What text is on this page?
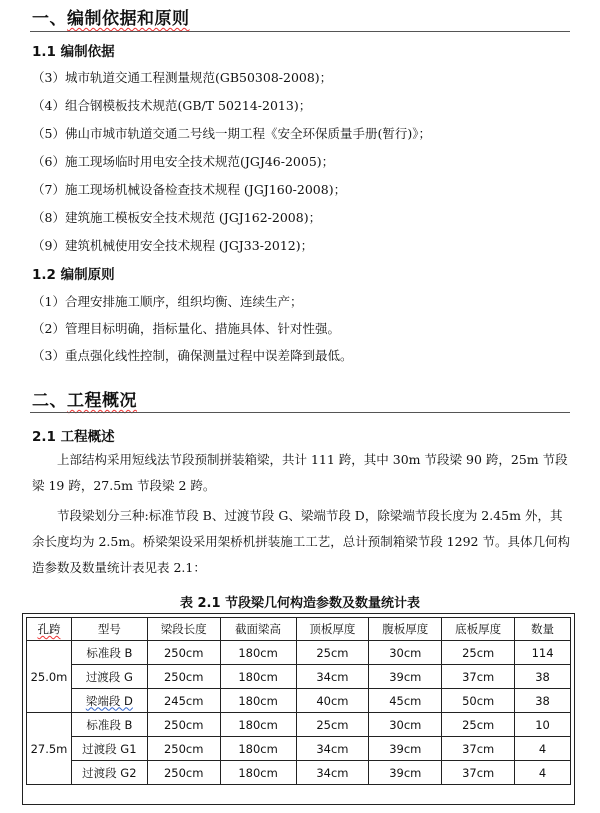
一、编制依据和原则
1.1 编制依据
（3）城市轨道交通工程测量规范(GB50308-2008)；
（4）组合钢模板技术规范(GB/T 50214-2013)；
（5）佛山市城市轨道交通二号线一期工程《安全环保质量手册(暂行)》；
（6）施工现场临时用电安全技术规范(JGJ46-2005)；
（7）施工现场机械设备检查技术规程 (JGJ160-2008)；
（8）建筑施工模板安全技术规范 (JGJ162-2008)；
（9）建筑机械使用安全技术规程 (JGJ33-2012)；
1.2 编制原则
（1）合理安排施工顺序，组织均衡、连续生产；
（2）管理目标明确，指标量化、措施具体、针对性强。
（3）重点强化线性控制，确保测量过程中误差降到最低。
二、工程概况
2.1 工程概述
上部结构采用短线法节段预制拼装箱梁，共计 111 跨，其中 30m 节段梁 90 跨，25m 节段梁 19 跨，27.5m 节段梁 2 跨。
节段梁划分三种:标准节段 B、过渡节段 G、梁端节段 D，除梁端节段长度为 2.45m 外，其余长度均为 2.5m。桥梁架设采用架桥机拼装施工工艺，总计预制箱梁节段 1292 节。具体几何构造参数及数量统计表见表 2.1：
表 2.1 节段梁几何构造参数及数量统计表
孔跨	型号	梁段长度	截面梁高	顶板厚度	腹板厚度	底板厚度	数量
25.0m	标准段 B	250cm	180cm	25cm	30cm	25cm	114
	过渡段 G	250cm	180cm	34cm	39cm	37cm	38
	梁端段 D	245cm	180cm	40cm	45cm	50cm	38
27.5m	标准段 B	250cm	180cm	25cm	30cm	25cm	10
	过渡段 G1	250cm	180cm	34cm	39cm	37cm	4
	过渡段 G2	250cm	180cm	34cm	39cm	37cm	4
